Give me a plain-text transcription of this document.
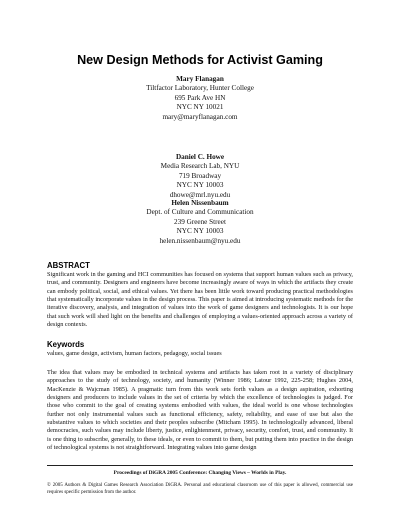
New Design Methods for Activist Gaming
Mary Flanagan
Tiltfactor Laboratory, Hunter College
695 Park Ave HN
NYC NY 10021
mary@maryflanagan.com
Daniel C. Howe
Media Research Lab, NYU
719 Broadway
NYC NY 10003
dhowe@mrl.nyu.edu
Helen Nissenbaum
Dept. of Culture and Communication
239 Greene Street
NYC NY 10003
helen.nissenbaum@nyu.edu
ABSTRACT
Significant work in the gaming and HCI communities has focused on systems that support human values such as privacy, trust, and community. Designers and engineers have become increasingly aware of ways in which the artifacts they create can embody political, social, and ethical values. Yet there has been little work toward producing practical methodologies that systematically incorporate values in the design process. This paper is aimed at introducing systematic methods for the iterative discovery, analysis, and integration of values into the work of game designers and technologists. It is our hope that such work will shed light on the benefits and challenges of employing a values-oriented approach across a variety of design contexts.
Keywords
values, game design, activism, human factors, pedagogy, social issues
The idea that values may be embodied in technical systems and artifacts has taken root in a variety of disciplinary approaches to the study of technology, society, and humanity (Winner 1986; Latour 1992, 225-258; Hughes 2004, MacKenzie & Wajcman 1985). A pragmatic turn from this work sets forth values as a design aspiration, exhorting designers and producers to include values in the set of criteria by which the excellence of technologies is judged. For those who commit to the goal of creating systems embodied with values, the ideal world is one whose technologies further not only instrumental values such as functional efficiency, safety, reliability, and ease of use but also the substantive values to which societies and their peoples subscribe (Mitcham 1995). In technologically advanced, liberal democracies, such values may include liberty, justice, enlightenment, privacy, security, comfort, trust, and community. It is one thing to subscribe, generally, to these ideals, or even to commit to them, but putting them into practice in the design of technological systems is not straightforward. Integrating values into game design
Proceedings of DiGRA 2005 Conference: Changing Views – Worlds in Play.
© 2005 Authors & Digital Games Research Association DiGRA. Personal and educational classroom use of this paper is allowed, commercial use requires specific permission from the author.
